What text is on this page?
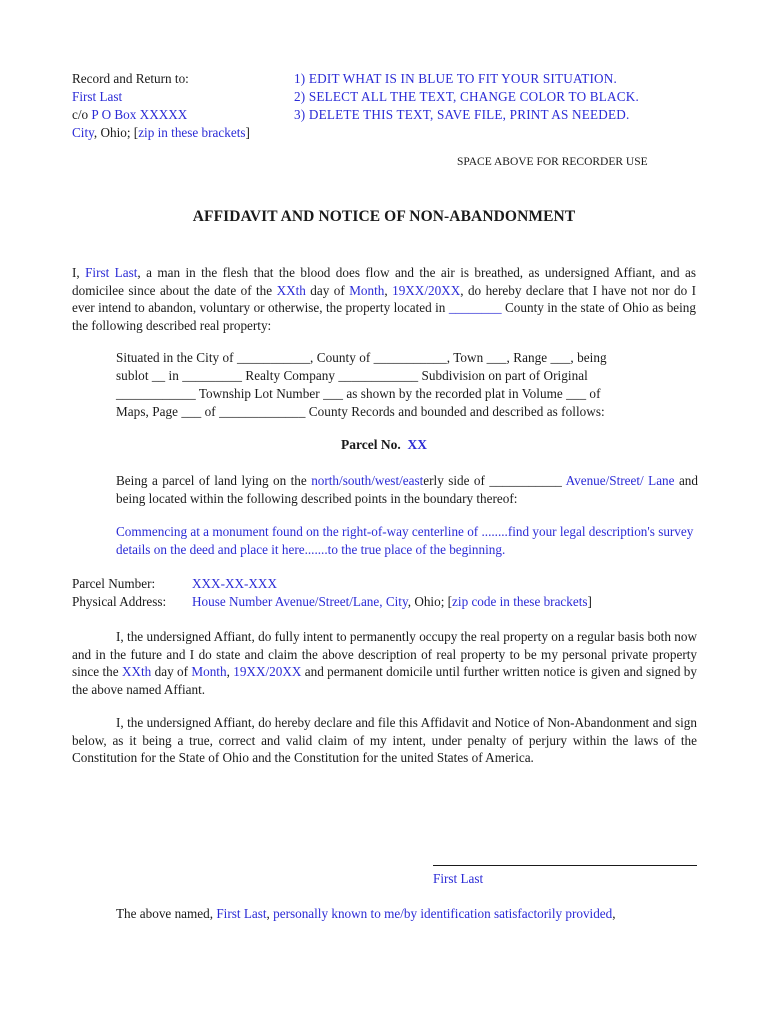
Record and Return to:
First Last
c/o P O Box XXXXX
City, Ohio; [zip in these brackets]
1) EDIT WHAT IS IN BLUE TO FIT YOUR SITUATION.
2) SELECT ALL THE TEXT, CHANGE COLOR TO BLACK.
3) DELETE THIS TEXT, SAVE FILE, PRINT AS NEEDED.
SPACE ABOVE FOR RECORDER USE
AFFIDAVIT AND NOTICE OF NON-ABANDONMENT
I, First Last, a man in the flesh that the blood does flow and the air is breathed, as undersigned Affiant, and as domicilee since about the date of the XXth day of Month, 19XX/20XX, do hereby declare that I have not nor do I ever intend to abandon, voluntary or otherwise, the property located in ________ County in the state of Ohio as being the following described real property:
Situated in the City of ___________, County of ___________, Town ___, Range ___, being
sublot __ in _________ Realty Company ____________ Subdivision on part of Original
____________ Township Lot Number ___ as shown by the recorded plat in Volume ___ of
Maps, Page ___ of _____________ County Records and bounded and described as follows:
Parcel No. XX
Being a parcel of land lying on the north/south/west/easterly side of ___________ Avenue/Street/ Lane and being located within the following described points in the boundary thereof:
Commencing at a monument found on the right-of-way centerline of ........find your legal description's survey details on the deed and place it here.......to the true place of the beginning.
Parcel Number:	XXX-XX-XXX
Physical Address: House Number Avenue/Street/Lane, City, Ohio; [zip code in these brackets]
I, the undersigned Affiant, do fully intent to permanently occupy the real property on a regular basis both now and in the future and I do state and claim the above description of real property to be my personal private property since the XXth day of Month, 19XX/20XX and permanent domicile until further written notice is given and signed by the above named Affiant.
I, the undersigned Affiant, do hereby declare and file this Affidavit and Notice of Non-Abandonment and sign below, as it being a true, correct and valid claim of my intent, under penalty of perjury within the laws of the Constitution for the State of Ohio and the Constitution for the united States of America.
First Last
The above named, First Last, personally known to me/by identification satisfactorily provided,
